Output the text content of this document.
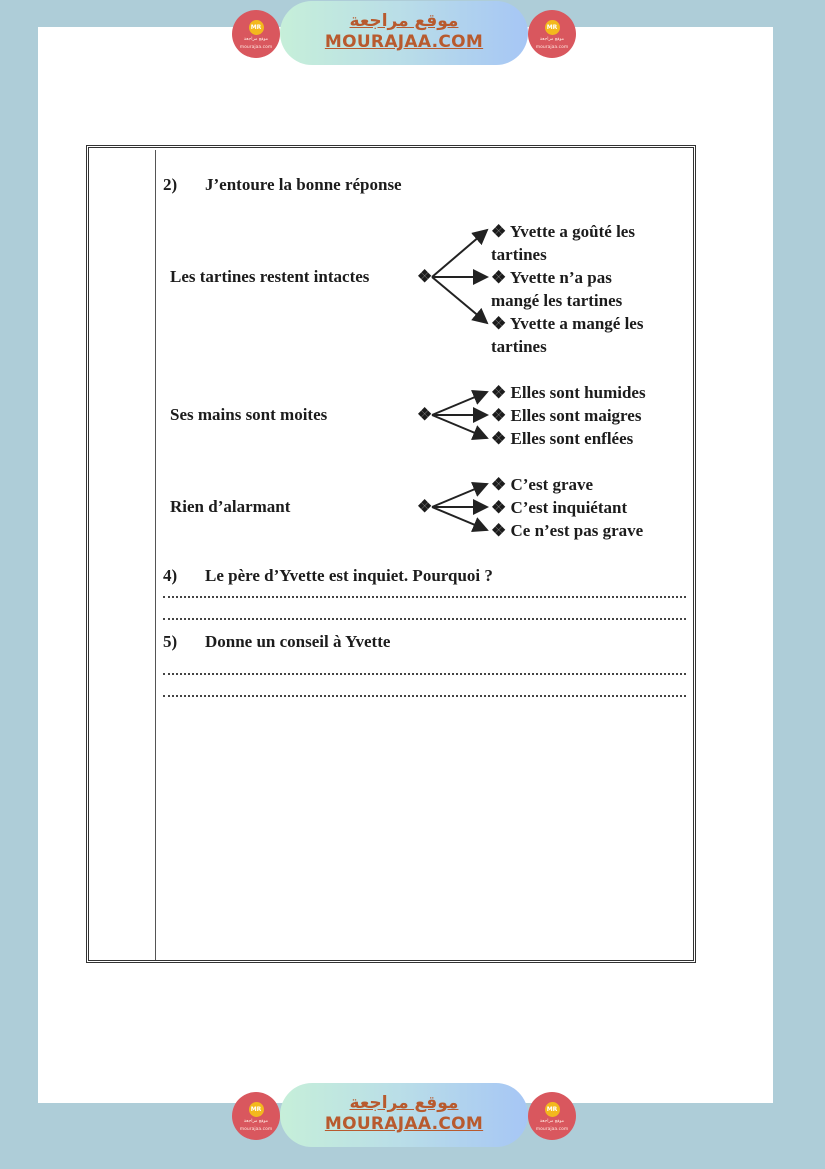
MR
موقع مراجعة
mourajaa.com
موقع مراجعة
MOURAJAA.COM
MR
موقع مراجعة
mourajaa.com
MR
موقع مراجعة
mourajaa.com
موقع مراجعة
MOURAJAA.COM
MR
موقع مراجعة
mourajaa.com
2) J’entoure la bonne réponse
Les tartines restent intactes	❖
❖ Yvette a goûté les
tartines
❖ Yvette n’a pas
mangé les tartines
❖ Yvette a mangé les
tartines
Ses mains sont moites	❖
❖ Elles sont humides
❖ Elles sont maigres
❖ Elles sont enflées
Rien d’alarmant	❖
❖ C’est grave
❖ C’est inquiétant
❖ Ce n’est pas grave
4) Le père d’Yvette est inquiet. Pourquoi ?
5) Donne un conseil à Yvette
